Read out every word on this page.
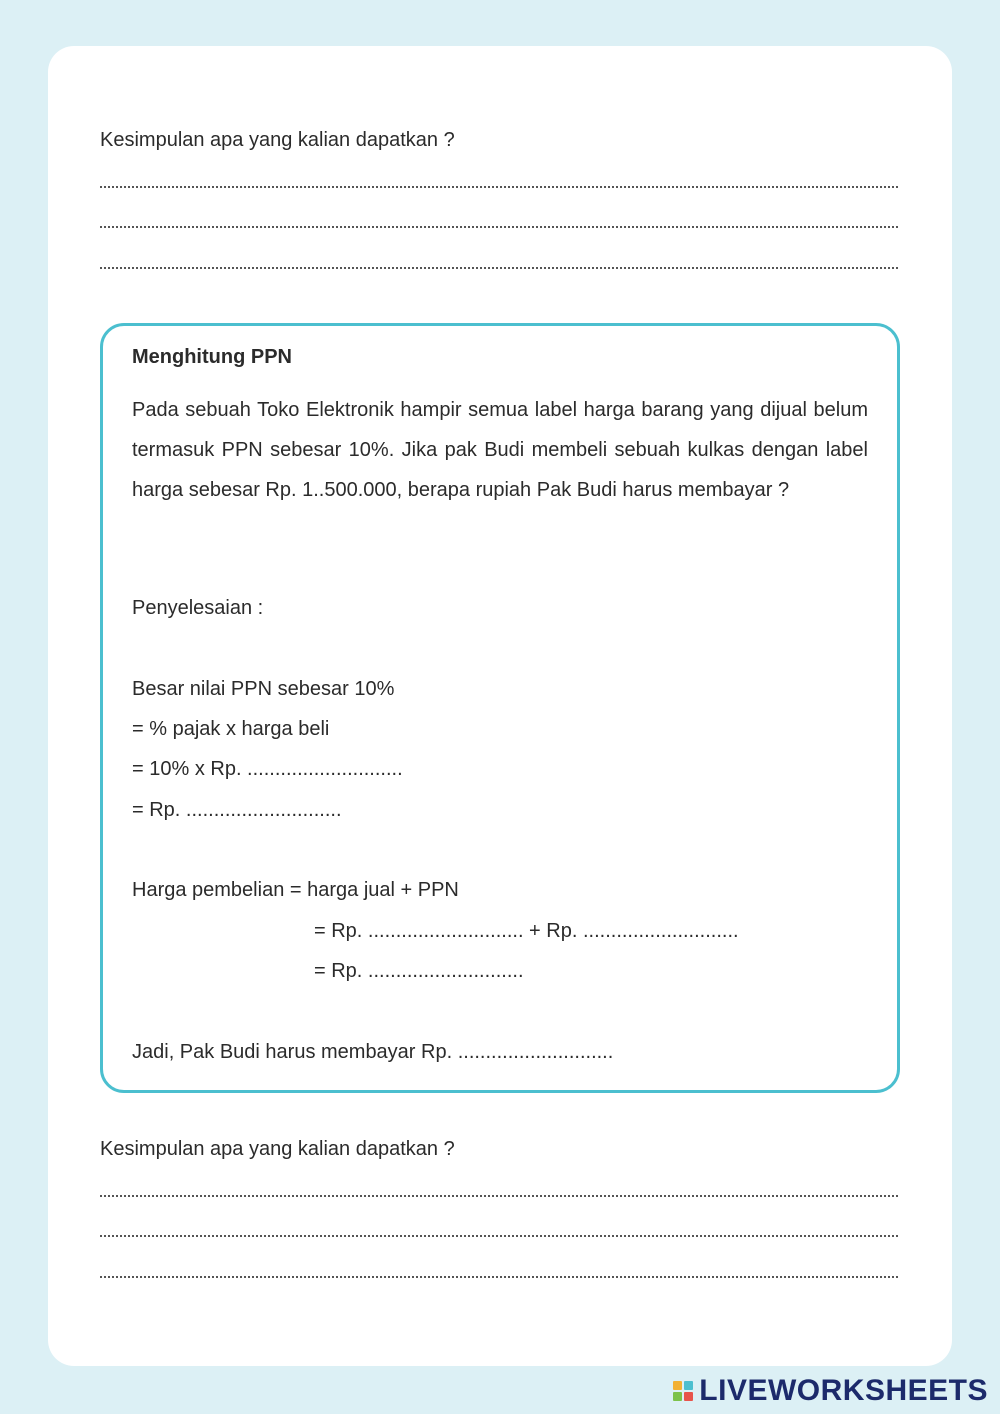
Kesimpulan apa yang kalian dapatkan ?
Menghitung PPN

Pada sebuah Toko Elektronik hampir semua label harga barang yang dijual belum termasuk PPN sebesar 10%. Jika pak Budi membeli sebuah kulkas dengan label harga sebesar Rp. 1..500.000, berapa rupiah Pak Budi harus membayar ?

Penyelesaian :
Besar nilai PPN sebesar 10%
= % pajak x harga beli
= 10% x Rp. ............................
= Rp. ............................
Harga pembelian = harga jual + PPN
= Rp. ............................ + Rp. ............................
= Rp. ............................
Jadi, Pak Budi harus membayar Rp. ............................
Kesimpulan apa yang kalian dapatkan ?
LIVEWORKSHEETS
